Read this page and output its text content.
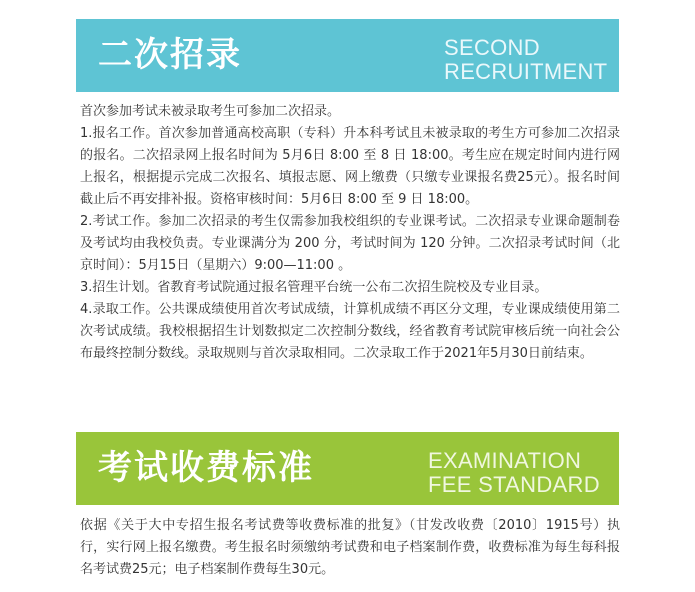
二次招录	SECOND
RECRUITMENT

首次参加考试未被录取考生可参加二次招录。

1.报名工作。首次参加普通高校高职（专科）升本科考试且未被录取的考生方可参加二次招录的报名。二次招录网上报名时间为 5月6日 8:00 至 8 日 18:00。考生应在规定时间内进行网上报名，根据提示完成二次报名、填报志愿、网上缴费（只缴专业课报名费25元）。报名时间截止后不再安排补报。资格审核时间：5月6日 8:00 至 9 日 18:00。

2.考试工作。参加二次招录的考生仅需参加我校组织的专业课考试。二次招录专业课命题制卷及考试均由我校负责。专业课满分为 200 分，考试时间为 120 分钟。二次招录考试时间（北京时间）：5月15日（星期六）9:00—11:00 。

3.招生计划。省教育考试院通过报名管理平台统一公布二次招生院校及专业目录。

4.录取工作。公共课成绩使用首次考试成绩，计算机成绩不再区分文理，专业课成绩使用第二次考试成绩。我校根据招生计划数拟定二次控制分数线，经省教育考试院审核后统一向社会公布最终控制分数线。录取规则与首次录取相同。二次录取工作于2021年5月30日前结束。

考试收费标准	EXAMINATION
FEE STANDARD

依据《关于大中专招生报名考试费等收费标准的批复》（甘发改收费〔2010〕1915号）执行，实行网上报名缴费。考生报名时须缴纳考试费和电子档案制作费，收费标准为每生每科报名考试费25元；电子档案制作费每生30元。
